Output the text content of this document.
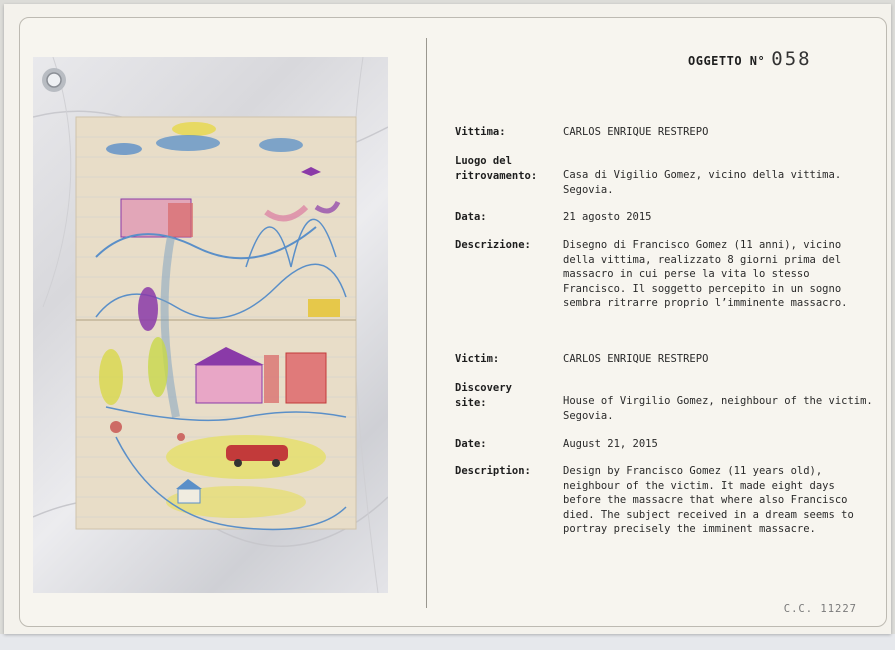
OGGETTO N° 058
Vittima:	CARLOS ENRIQUE RESTREPO
Luogo del
ritrovamento: Casa di Vigilio Gomez, vicino della vittima. Segovia.
Data:	21 agosto 2015
Descrizione:	Disegno di Francisco Gomez (11 anni), vicino della vittima, realizzato 8 giorni prima del massacro in cui perse la vita lo stesso Francisco. Il soggetto percepito in un sogno sembra ritrarre proprio l’imminente massacro.
Victim:	CARLOS ENRIQUE RESTREPO
Discovery
site:	House of Virgilio Gomez, neighbour of the victim. Segovia.
Date:	August 21, 2015
Description:	Design by Francisco Gomez (11 years old), neighbour of the victim. It made eight days before the massacre that where also Francisco died. The subject received in a dream seems to portray precisely the imminent massacre.
C.C. 11227
